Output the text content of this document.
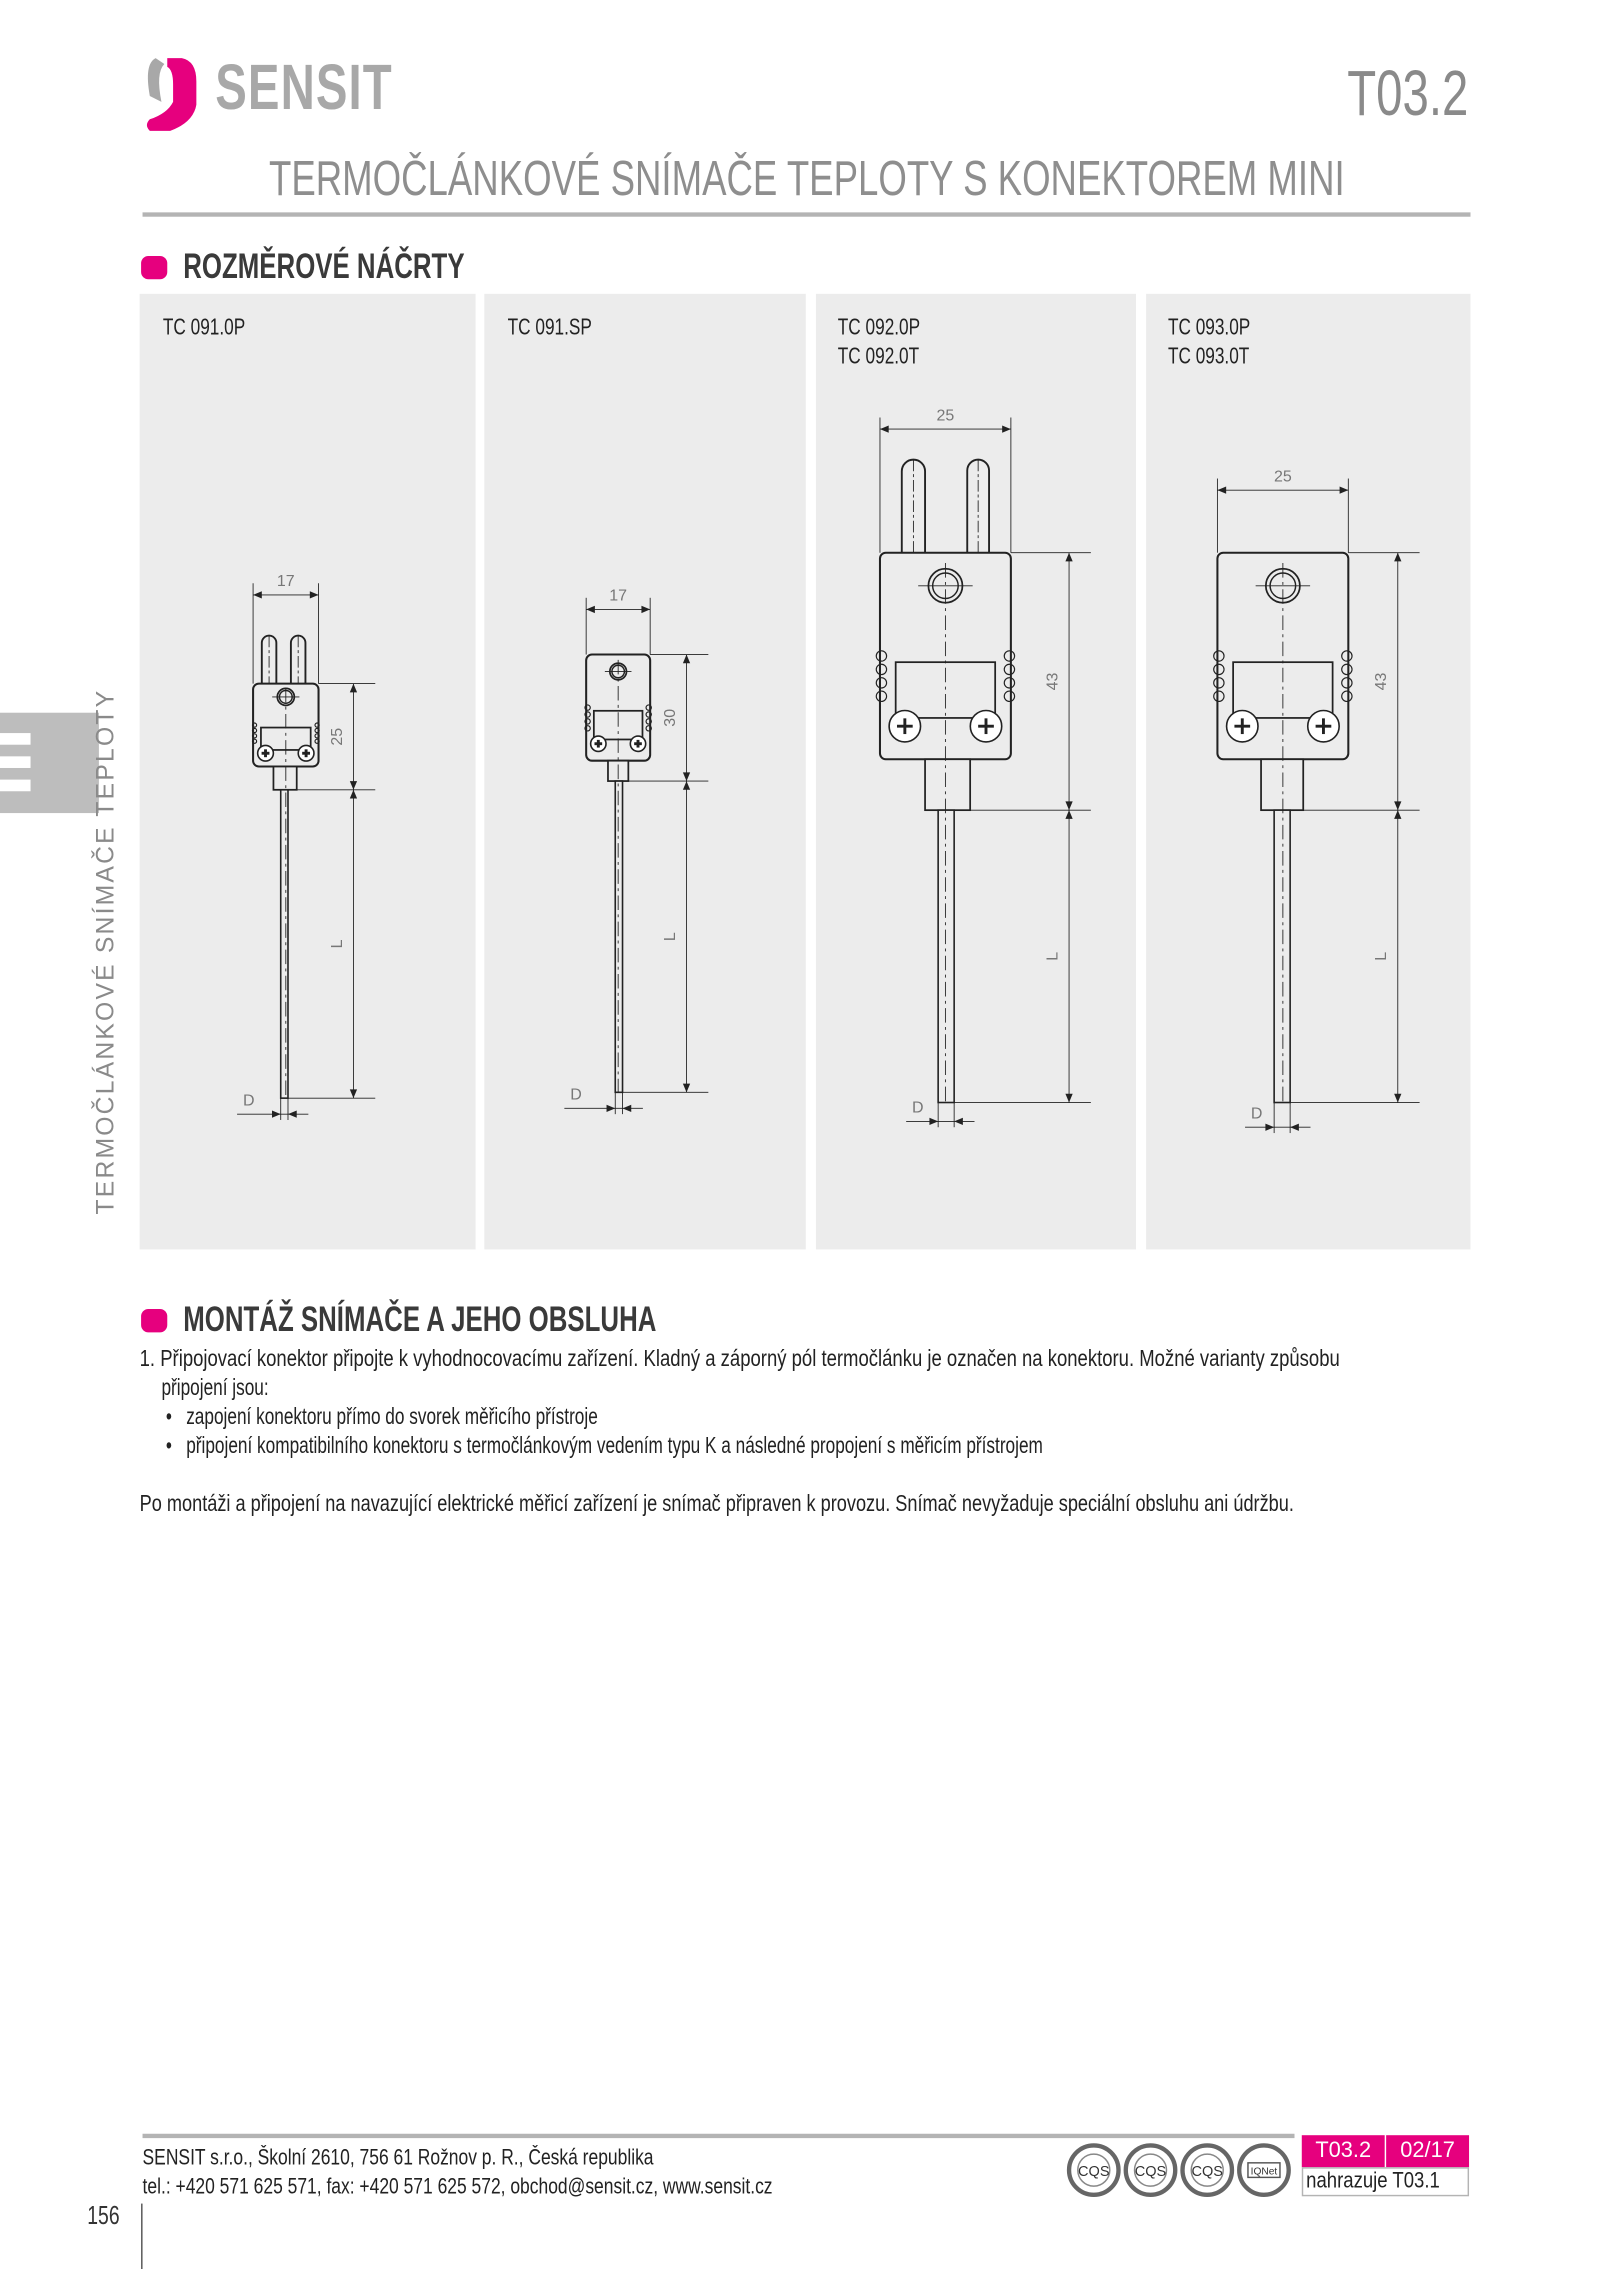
SENSIT	T03.2
TERMOČLÁNKOVÉ SNÍMAČE TEPLOTY S KONEKTOREM MINI
TERMOČLÁNKOVÉ SNÍMAČE TEPLOTY
ROZMĚROVÉ NÁČRTY
TC 091.0P	TC 091.SP	TC 092.0P
TC 092.0T
TC 093.0P
TC 093.0T
17
25
L
D
17
30
L
D
25
43
L
D
25
43
L
D
MONTÁŽ SNÍMAČE A JEHO OBSLUHA
1. Připojovací konektor připojte k vyhodnocovacímu zařízení. Kladný a záporný pól termočlánku je označen na konektoru. Možné varianty způsobu
připojení jsou:
•   zapojení konektoru přímo do svorek měřicího přístroje
•   připojení kompatibilního konektoru s termočlánkovým vedením typu K a následné propojení s měřicím přístrojem
Po montáži a připojení na navazující elektrické měřicí zařízení je snímač připraven k provozu. Snímač nevyžaduje speciální obsluhu ani údržbu.
SENSIT s.r.o., Školní 2610, 756 61 Rožnov p. R., Česká republika
tel.: +420 571 625 571, fax: +420 571 625 572, obchod@sensit.cz, www.sensit.cz
156
CQS	CQS	CQS	IQNet
T03.2	02/17
nahrazuje T03.1
